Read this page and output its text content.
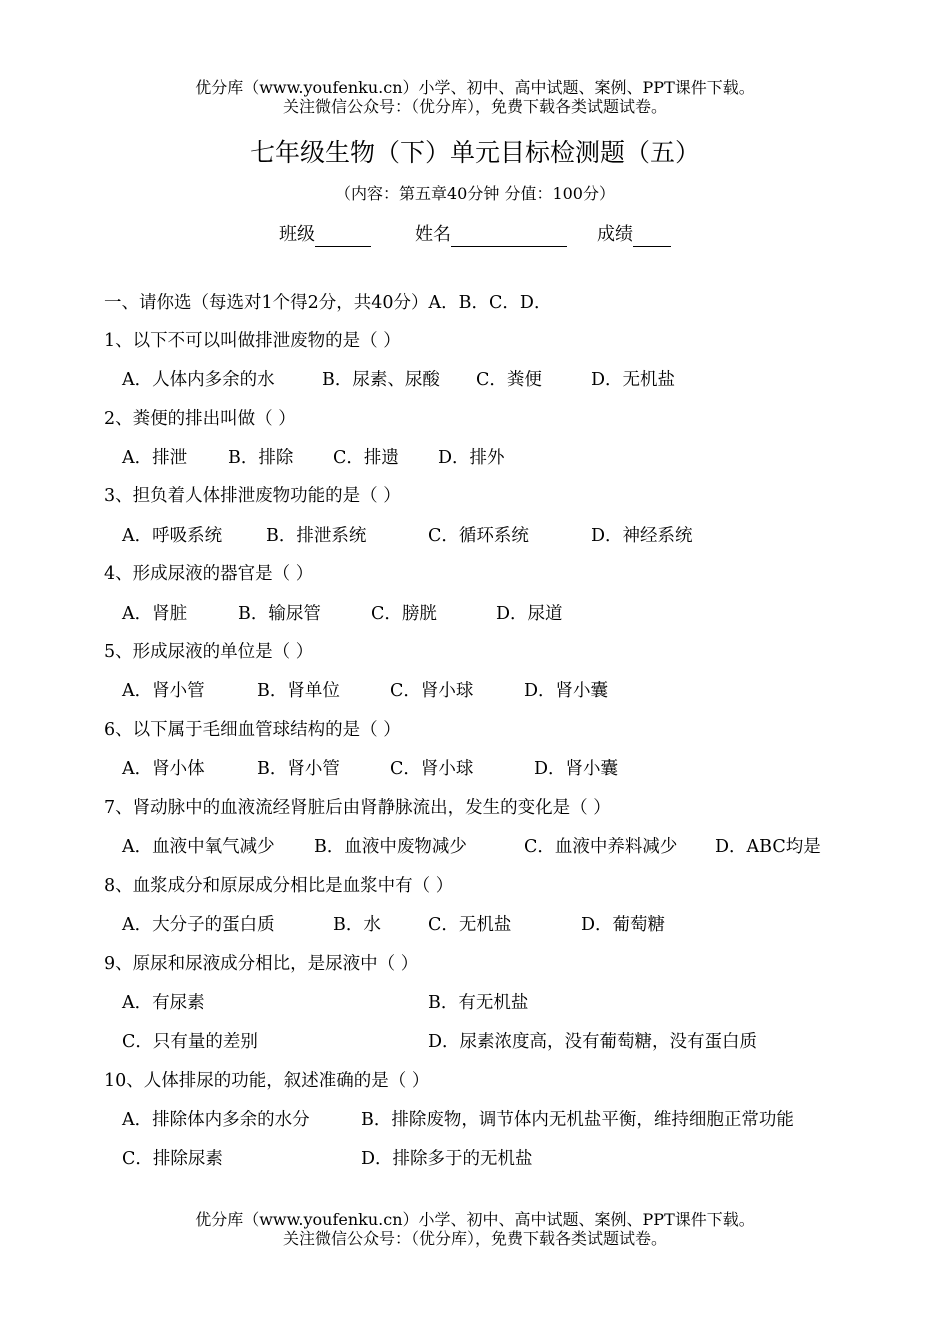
优分库（www.youfenku.cn）小学、初中、高中试题、案例、PPT课件下载。
关注微信公众号：（优分库），免费下载各类试题试卷。
七年级生物（下）单元目标检测题（五）
（内容：第五章40分钟 分值：100分）
班级	姓名	成绩
一、请你选（每选对1个得2分，共40分）A．B．C．D．
1、以下不可以叫做排泄废物的是（ ）
A．人体内多余的水	B．尿素、尿酸 C．粪便	D．无机盐
2、粪便的排出叫做（ ）
A．排泄 B．排除 C．排遗 D．排外
3、担负着人体排泄废物功能的是（ ）
A．呼吸系统	B．排泄系统	C．循环系统	D．神经系统
4、形成尿液的器官是（ ）
A．肾脏	B．输尿管	C．膀胱	D．尿道
5、形成尿液的单位是（ ）
A．肾小管	B．肾单位	C．肾小球	D．肾小囊
6、以下属于毛细血管球结构的是（ ）
A．肾小体	B．肾小管	C．肾小球	D．肾小囊
7、肾动脉中的血液流经肾脏后由肾静脉流出，发生的变化是（ ）
A．血液中氧气减少 B．血液中废物减少	C．血液中养料减少 D．ABC均是
8、血浆成分和原尿成分相比是血浆中有（ ）
A．大分子的蛋白质	B．水	C．无机盐	D．葡萄糖
9、原尿和尿液成分相比，是尿液中（ ）
A．有尿素	B．有无机盐
C．只有量的差别	D．尿素浓度高，没有葡萄糖，没有蛋白质
10、人体排尿的功能，叙述准确的是（ ）
A．排除体内多余的水分	B．排除废物，调节体内无机盐平衡，维持细胞正常功能
C．排除尿素	D．排除多于的无机盐
优分库（www.youfenku.cn）小学、初中、高中试题、案例、PPT课件下载。
关注微信公众号：（优分库），免费下载各类试题试卷。
